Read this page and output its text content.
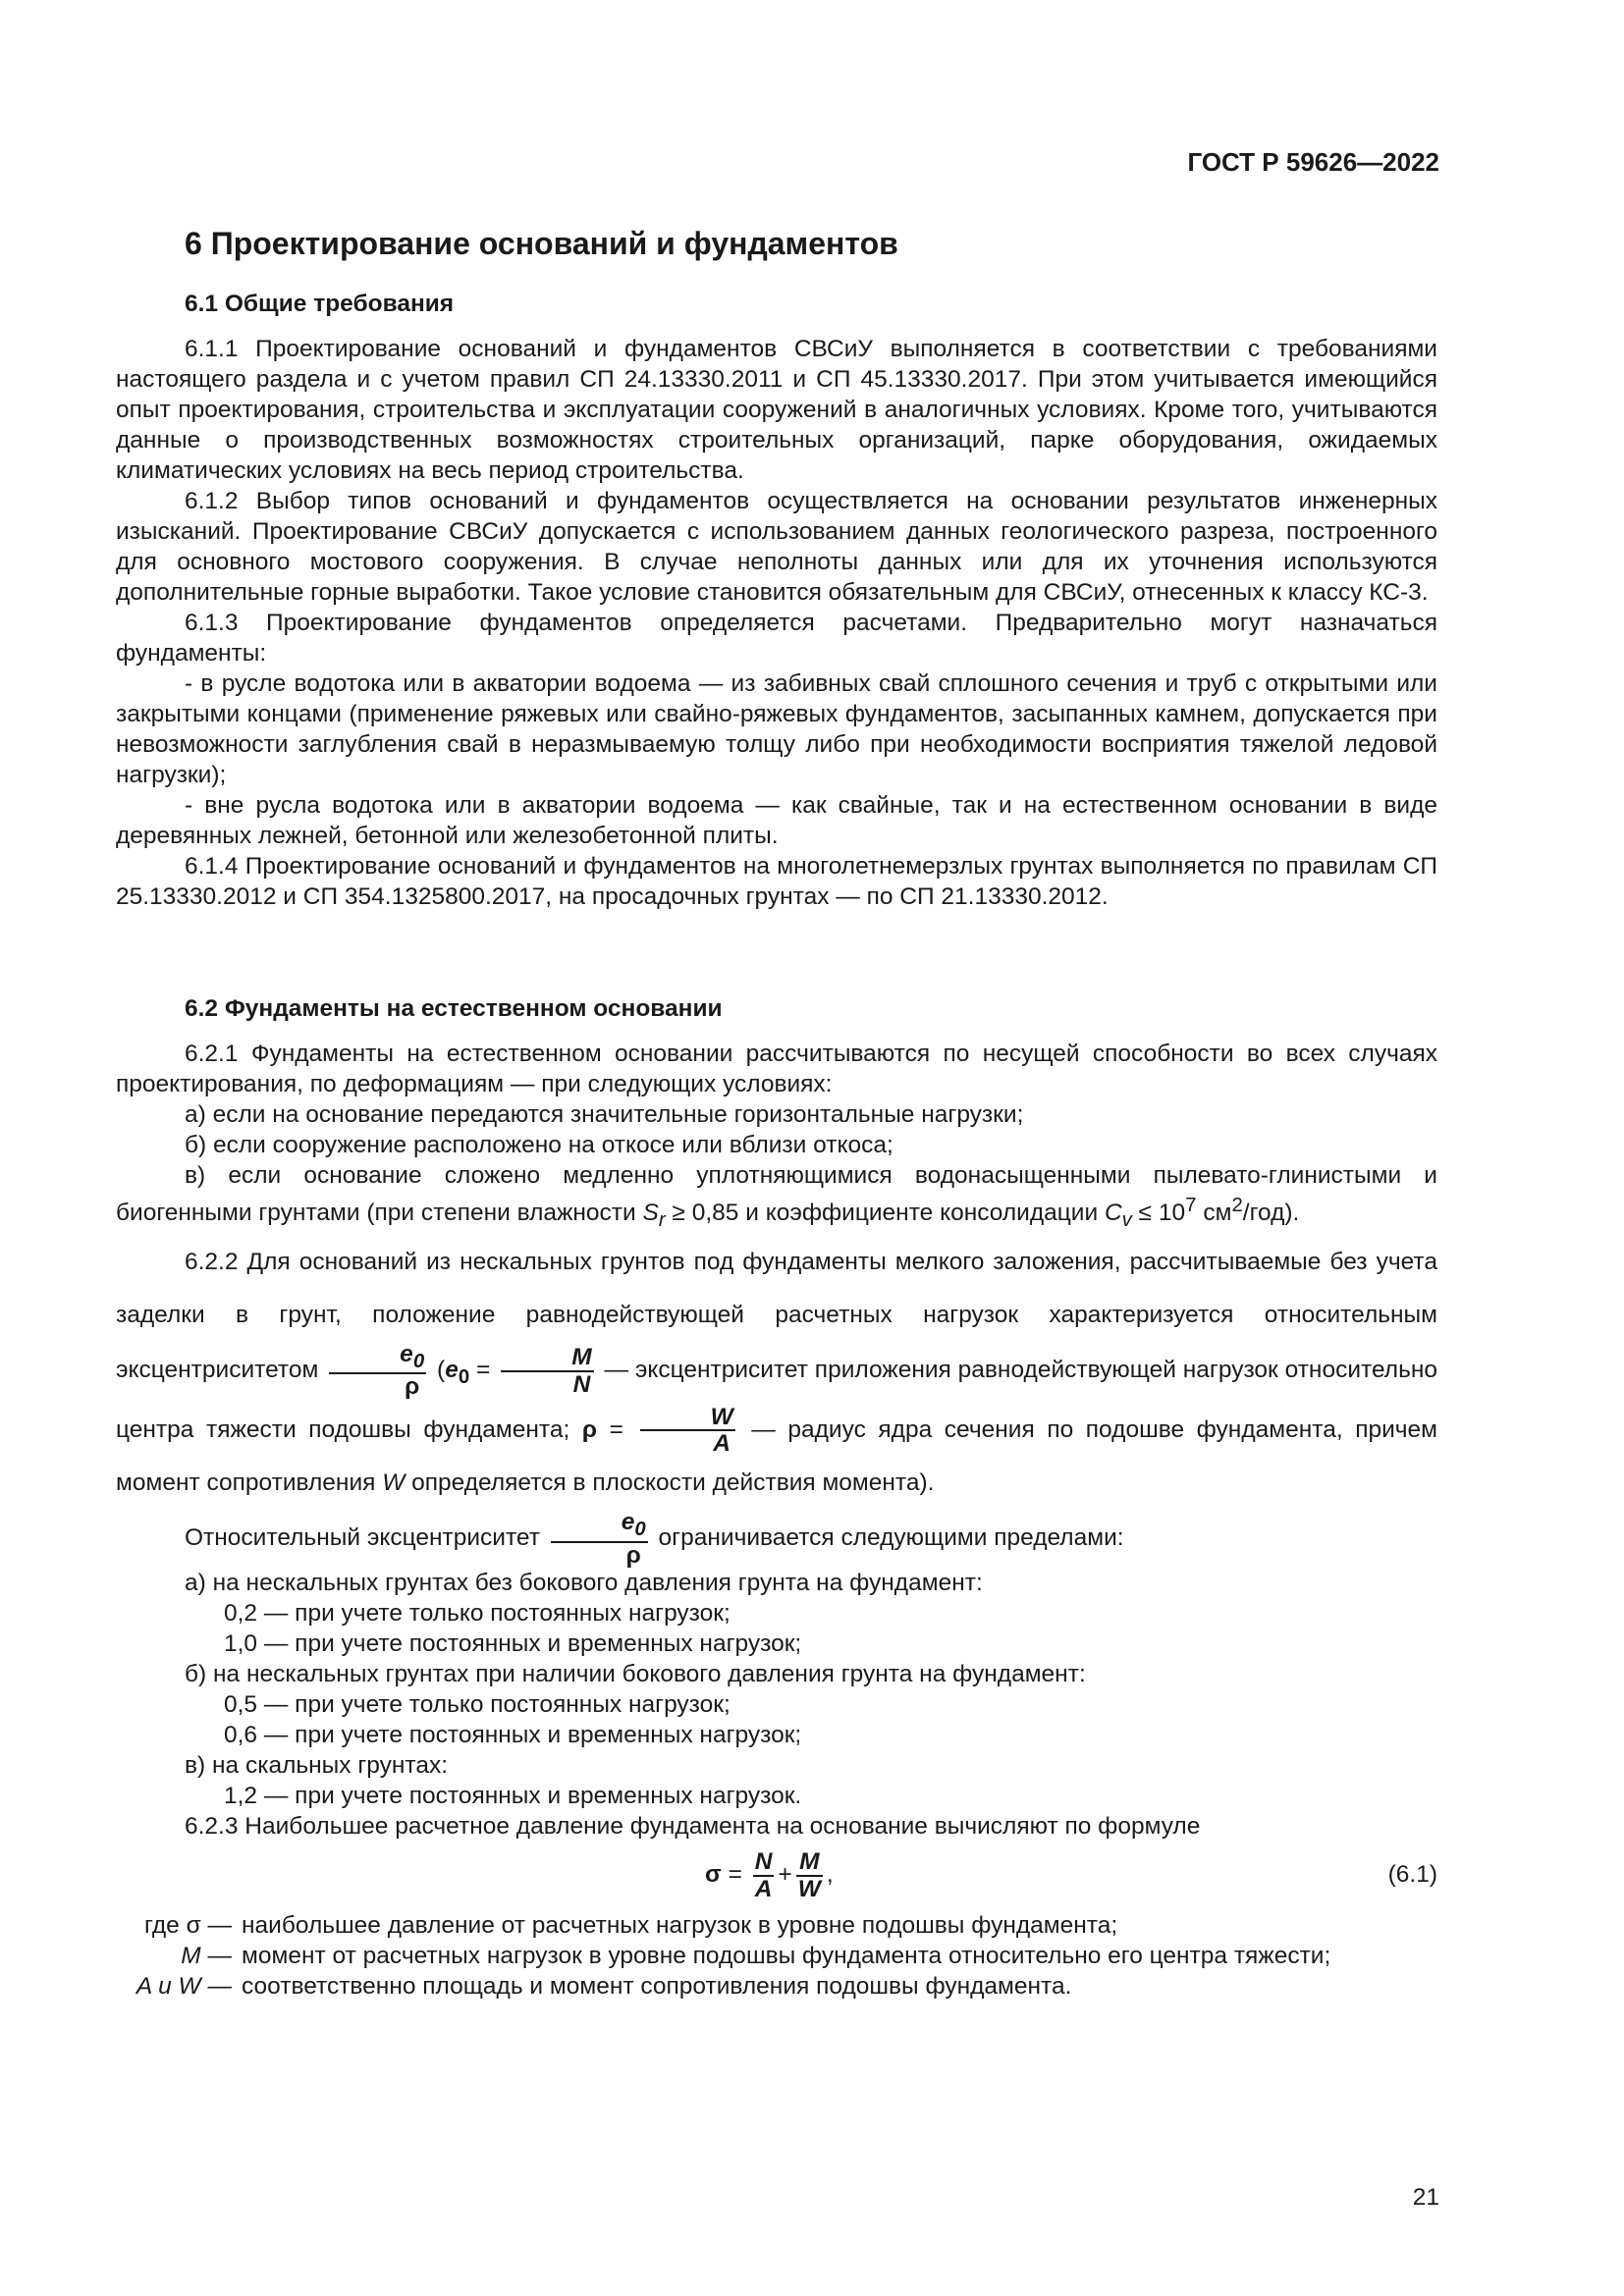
ГОСТ Р 59626—2022
6 Проектирование оснований и фундаментов
6.1 Общие требования

6.1.1 Проектирование оснований и фундаментов СВСиУ выполняется в соответствии с требованиями настоящего раздела и с учетом правил СП 24.13330.2011 и СП 45.13330.2017. При этом учитывается имеющийся опыт проектирования, строительства и эксплуатации сооружений в аналогичных условиях. Кроме того, учитываются данные о производственных возможностях строительных организаций, парке оборудования, ожидаемых климатических условиях на весь период строительства.

6.1.2 Выбор типов оснований и фундаментов осуществляется на основании результатов инженерных изысканий. Проектирование СВСиУ допускается с использованием данных геологического разреза, построенного для основного мостового сооружения. В случае неполноты данных или для их уточнения используются дополнительные горные выработки. Такое условие становится обязательным для СВСиУ, отнесенных к классу КС-3.

6.1.3 Проектирование фундаментов определяется расчетами. Предварительно могут назначаться фундаменты:

- в русле водотока или в акватории водоема — из забивных свай сплошного сечения и труб с открытыми или закрытыми концами (применение ряжевых или свайно-ряжевых фундаментов, засыпанных камнем, допускается при невозможности заглубления свай в неразмываемую толщу либо при необходимости восприятия тяжелой ледовой нагрузки);

- вне русла водотока или в акватории водоема — как свайные, так и на естественном основании в виде деревянных лежней, бетонной или железобетонной плиты.

6.1.4 Проектирование оснований и фундаментов на многолетнемерзлых грунтах выполняется по правилам СП 25.13330.2012 и СП 354.1325800.2017, на просадочных грунтах — по СП 21.13330.2012.

6.2 Фундаменты на естественном основании

6.2.1 Фундаменты на естественном основании рассчитываются по несущей способности во всех случаях проектирования, по деформациям — при следующих условиях:

а) если на основание передаются значительные горизонтальные нагрузки;
б) если сооружение расположено на откосе или вблизи откоса;

в) если основание сложено медленно уплотняющимися водонасыщенными пылевато-глинистыми и биогенными грунтами (при степени влажности $S_r \ge 0,85$ и коэффициенте консолидации $C_v \le 10^7$ $см^2/год$).

6.2.2 Для оснований из нескальных грунтов под фундаменты мелкого заложения, рассчитываемые без учета заделки в грунт, положение равнодействующей расчетных нагрузок характеризуется относительным эксцентриситетом $\frac{e_0}{\rho} (e_0 = \frac{M}{N}$ — эксцентриситет приложения равнодействующей нагрузок относительно центра тяжести подошвы фундамента; $\rho = \frac{W}{A}$ — радиус ядра сечения по подошве фундамента, причем момент сопротивления W определяется в плоскости действия момента).

Относительный эксцентриситет $\frac{e_0}{\rho}$ ограничивается следующими пределами:

а) на нескальных грунтах без бокового давления грунта на фундамент:
0,2 — при учете только постоянных нагрузок;
1,0 — при учете постоянных и временных нагрузок;
б) на нескальных грунтах при наличии бокового давления грунта на фундамент:
0,5 — при учете только постоянных нагрузок;
0,6 — при учете постоянных и временных нагрузок;
в) на скальных грунтах:
1,2 — при учете постоянных и временных нагрузок.

6.2.3 Наибольшее расчетное давление фундамента на основание вычисляют по формуле

$\sigma = \frac{N}{A} + \frac{M}{W}$ ,	(6.1)
где σ —	наибольшее давление от расчетных нагрузок в уровне подошвы фундамента;
M —	момент от расчетных нагрузок в уровне подошвы фундамента относительно его центра тяжести;
A и W —	соответственно площадь и момент сопротивления подошвы фундамента.
21
